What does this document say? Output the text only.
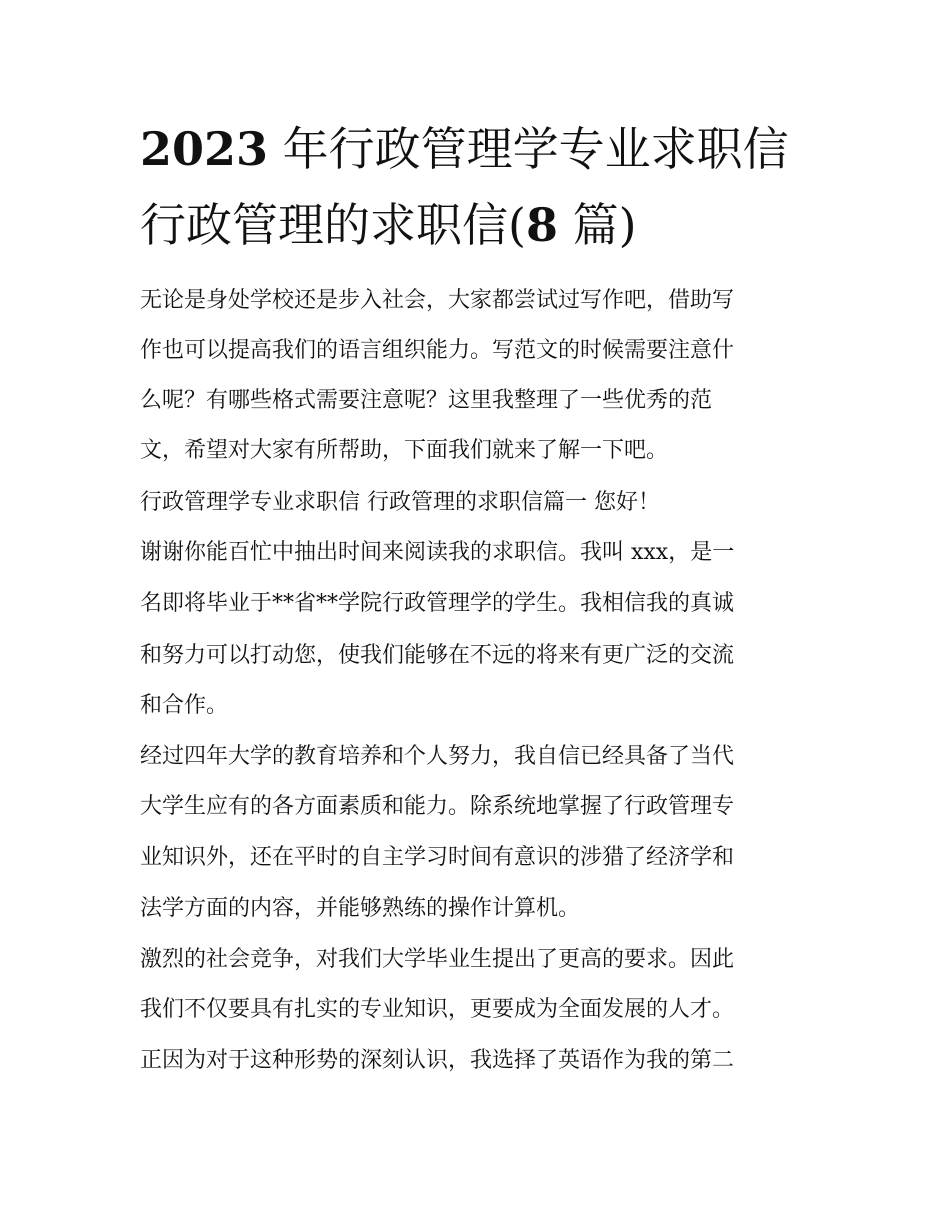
2023 年行政管理学专业求职信
行政管理的求职信(8 篇)

无论是身处学校还是步入社会，大家都尝试过写作吧，借助写

作也可以提高我们的语言组织能力。写范文的时候需要注意什

么呢？有哪些格式需要注意呢？这里我整理了一些优秀的范

文，希望对大家有所帮助，下面我们就来了解一下吧。

行政管理学专业求职信 行政管理的求职信篇一 您好！

谢谢你能百忙中抽出时间来阅读我的求职信。我叫 xxx，是一

名即将毕业于**省**学院行政管理学的学生。我相信我的真诚

和努力可以打动您，使我们能够在不远的将来有更广泛的交流

和合作。

经过四年大学的教育培养和个人努力，我自信已经具备了当代

大学生应有的各方面素质和能力。除系统地掌握了行政管理专

业知识外，还在平时的自主学习时间有意识的涉猎了经济学和

法学方面的内容，并能够熟练的操作计算机。

激烈的社会竞争，对我们大学毕业生提出了更高的要求。因此

我们不仅要具有扎实的专业知识，更要成为全面发展的人才。

正因为对于这种形势的深刻认识，我选择了英语作为我的第二
